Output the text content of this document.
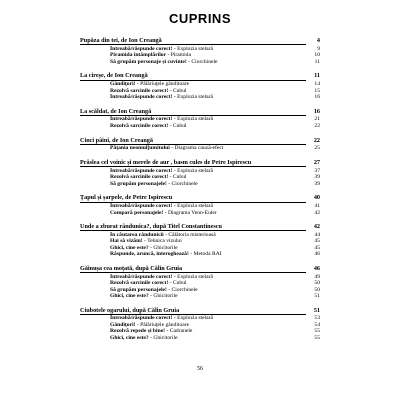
CUPRINS
Pupăza din tei, de Ion Creangă	4
Întreabă/răspunde corect! - Explozia stelară	9
Piramida întâmplărilor - Piramida	10
Să grupăm personaje și cuvinte! - Ciorchinele	11
La cireșe, de Ion Creangă	11
Gândiţori! - Pălăriuţele gânditoare	14
Rezolvă sarcinile corect! - Cubul	15
Întreabă/răspunde corect! - Explozia stelară	16
La scăldat, de Ion Creangă	16
Întreabă/răspunde corect! - Explozia stelară	21
Rezolvă sarcinile corect! - Cubul	22
Cinci pâini, de Ion Creangă	22
Pățania neomul[umitului - Diagrama cauză-efect	25
Prâslea cel voinic și merele de aur , basm cules de Petre Ispirescu	27
Întreabă/răspunde corect! - Explozia stelară	37
Rezolvă sarcinile corect! - Cubul	39
Să grupăm personajele! - Ciorchinele	39
Țapul și șarpele, de Petre Ispirescu	40
Întreabă/răspunde corect! - Explozia stelară	41
Compară personajele! - Diagrama Venn-Euler	42
Unde a zburat rândunica?, după Titel Constantinescu	42
În căutarea rândunicii - Călătoria misterioasă	44
Hai să vizăm! - Tehnica vizului	45
Ghici, cine este? - Ghicitorile	45
Răspunde, aruncă, interoghează! - Metoda RAI	46
Găinușa cea moțată, după Călin Gruia	46
Întreabă/răspunde corect! - Explozia stelară	49
Rezolvă sarcinile corect! - Cubul	50
Să grupăm personajele! - Ciorchinele	50
Ghici, cine este? - Ghicitorile	51
Ciubotele ogarului, după Călin Gruia	51
Întreabă/răspunde corect! - Explozia stelară	53
Gândiţori! - Pălăriuţele gânditoare	54
Rezolvă repede și bine! - Cadranele	55
Ghici, cine este? - Ghicitorile	55
56
